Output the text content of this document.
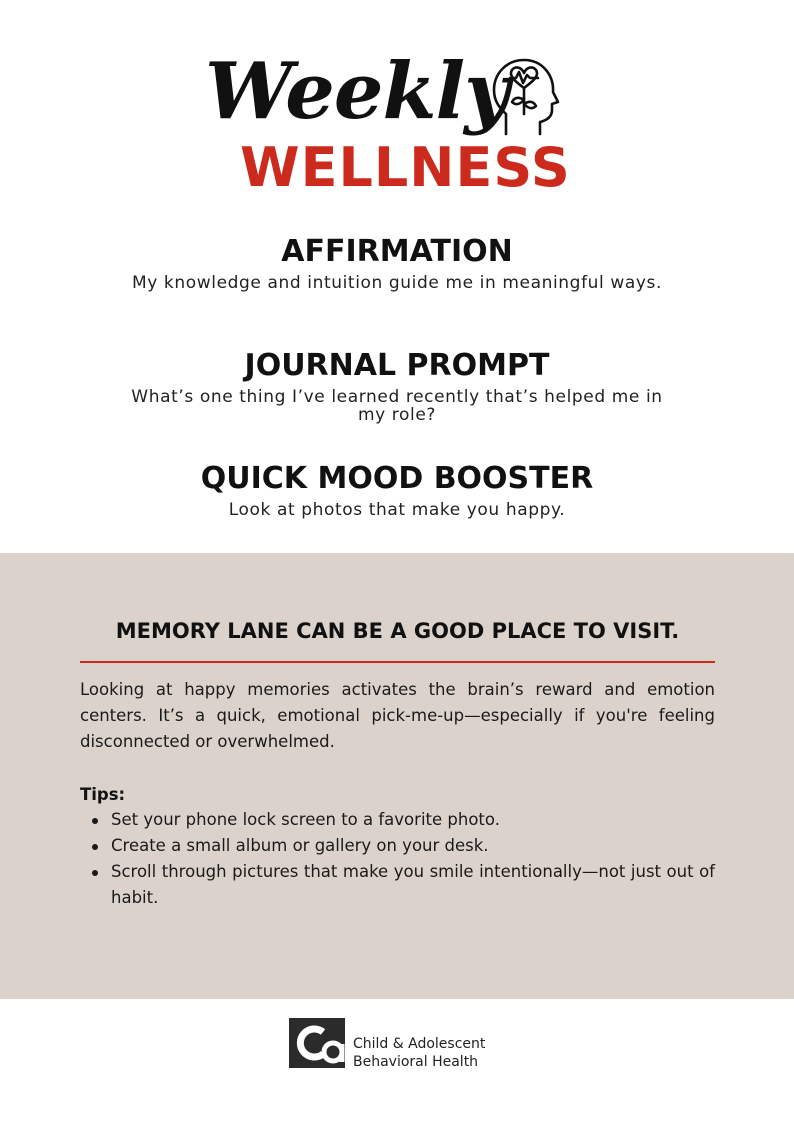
Weekly
WELLNESS
AFFIRMATION

My knowledge and intuition guide me in meaningful ways.

JOURNAL PROMPT

What’s one thing I’ve learned recently that’s helped me in my role?

QUICK MOOD BOOSTER

Look at photos that make you happy.

MEMORY LANE CAN BE A GOOD PLACE TO VISIT.

Looking at happy memories activates the brain’s reward and emotion centers. It’s a quick, emotional pick-me-up—especially if you're feeling disconnected or overwhelmed.

Tips:

Set your phone lock screen to a favorite photo.
Create a small album or gallery on your desk.
Scroll through pictures that make you smile intentionally—not just out of habit.
Child & Adolescent
Behavioral Health
